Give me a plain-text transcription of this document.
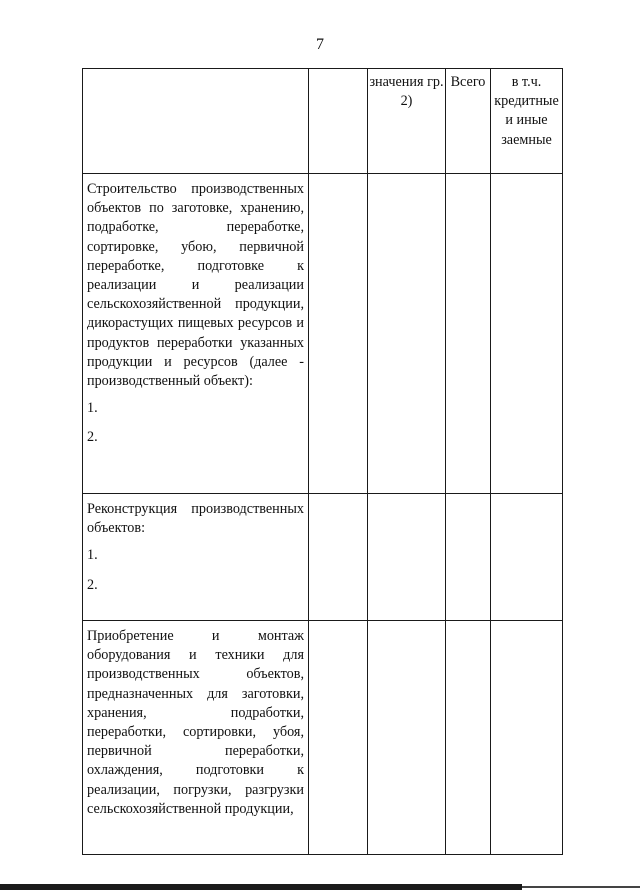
7
		значения гр. 2)	Всего	в т.ч. кредитные и иные заемные
Строительство производственных объектов по заготовке, хранению, подработке, переработке, сортировке, убою, первичной переработке, подготовке к реализации и реализации сельскохозяйственной продукции, дикорастущих пищевых ресурсов и продуктов переработки указанных продукции и ресурсов (далее - производственный объект):
1.
2.				

Реконструкция производственных объектов:
1.
2.				

Приобретение и монтаж оборудования и техники для производственных объектов, предназначенных для заготовки, хранения, подработки, переработки, сортировки, убоя, первичной переработки, охлаждения, подготовки к реализации, погрузки, разгрузки сельскохозяйственной продукции,				
